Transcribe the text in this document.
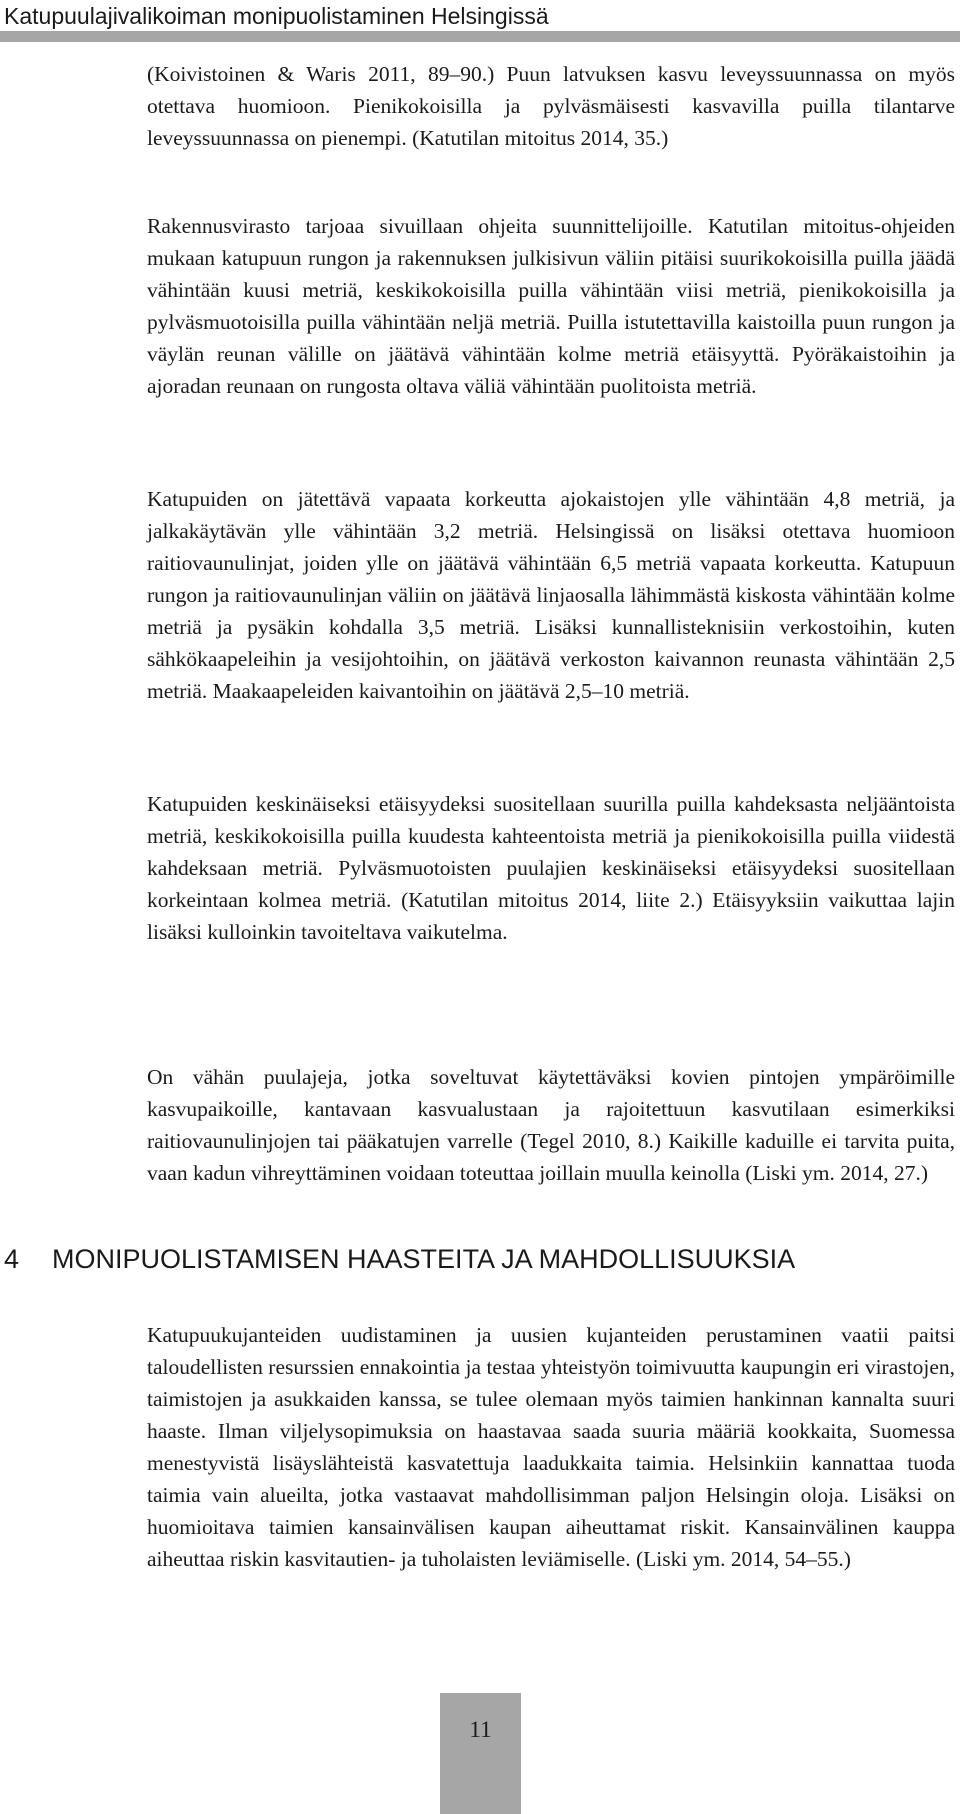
Katupuulajivalikoiman monipuolistaminen Helsingissä

(Koivistoinen & Waris 2011, 89–90.) Puun latvuksen kasvu leveyssuunnassa on myös otettava huomioon. Pienikokoisilla ja pylväsmäisesti kasvavilla puilla tilantarve leveyssuunnassa on pienempi. (Katutilan mitoitus 2014, 35.)

Rakennusvirasto tarjoaa sivuillaan ohjeita suunnittelijoille. Katutilan mitoitus-ohjeiden mukaan katupuun rungon ja rakennuksen julkisivun väliin pitäisi suurikokoisilla puilla jäädä vähintään kuusi metriä, keskikokoisilla puilla vähintään viisi metriä, pienikokoisilla ja pylväsmuotoisilla puilla vähintään neljä metriä. Puilla istutettavilla kaistoilla puun rungon ja väylän reunan välille on jäätävä vähintään kolme metriä etäisyyttä. Pyöräkaistoihin ja ajoradan reunaan on rungosta oltava väliä vähintään puolitoista metriä.

Katupuiden on jätettävä vapaata korkeutta ajokaistojen ylle vähintään 4,8 metriä, ja jalkakäytävän ylle vähintään 3,2 metriä. Helsingissä on lisäksi otettava huomioon raitiovaunulinjat, joiden ylle on jäätävä vähintään 6,5 metriä vapaata korkeutta. Katupuun rungon ja raitiovaunulinjan väliin on jäätävä linjaosalla lähimmästä kiskosta vähintään kolme metriä ja pysäkin kohdalla 3,5 metriä. Lisäksi kunnallisteknisiin verkostoihin, kuten sähkökaapeleihin ja vesijohtoihin, on jäätävä verkoston kaivannon reunasta vähintään 2,5 metriä. Maakaapeleiden kaivantoihin on jäätävä 2,5–10 metriä.

Katupuiden keskinäiseksi etäisyydeksi suositellaan suurilla puilla kahdeksasta neljääntoista metriä, keskikokoisilla puilla kuudesta kahteentoista metriä ja pienikokoisilla puilla viidestä kahdeksaan metriä. Pylväsmuotoisten puulajien keskinäiseksi etäisyydeksi suositellaan korkeintaan kolmea metriä. (Katutilan mitoitus 2014, liite 2.) Etäisyyksiin vaikuttaa lajin lisäksi kulloinkin tavoiteltava vaikutelma.

On vähän puulajeja, jotka soveltuvat käytettäväksi kovien pintojen ympäröimille kasvupaikoille, kantavaan kasvualustaan ja rajoitettuun kasvutilaan esimerkiksi raitiovaunulinjojen tai pääkatujen varrelle (Tegel 2010, 8.) Kaikille kaduille ei tarvita puita, vaan kadun vihreyttäminen voidaan toteuttaa joillain muulla keinolla (Liski ym. 2014, 27.)

4 MONIPUOLISTAMISEN HAASTEITA JA MAHDOLLISUUKSIA

Katupuukujanteiden uudistaminen ja uusien kujanteiden perustaminen vaatii paitsi taloudellisten resurssien ennakointia ja testaa yhteistyön toimivuutta kaupungin eri virastojen, taimistojen ja asukkaiden kanssa, se tulee olemaan myös taimien hankinnan kannalta suuri haaste. Ilman viljelysopimuksia on haastavaa saada suuria määriä kookkaita, Suomessa menestyvistä lisäyslähteistä kasvatettuja laadukkaita taimia. Helsinkiin kannattaa tuoda taimia vain alueilta, jotka vastaavat mahdollisimman paljon Helsingin oloja. Lisäksi on huomioitava taimien kansainvälisen kaupan aiheuttamat riskit. Kansainvälinen kauppa aiheuttaa riskin kasvitautien- ja tuholaisten leviämiselle. (Liski ym. 2014, 54–55.)

11
